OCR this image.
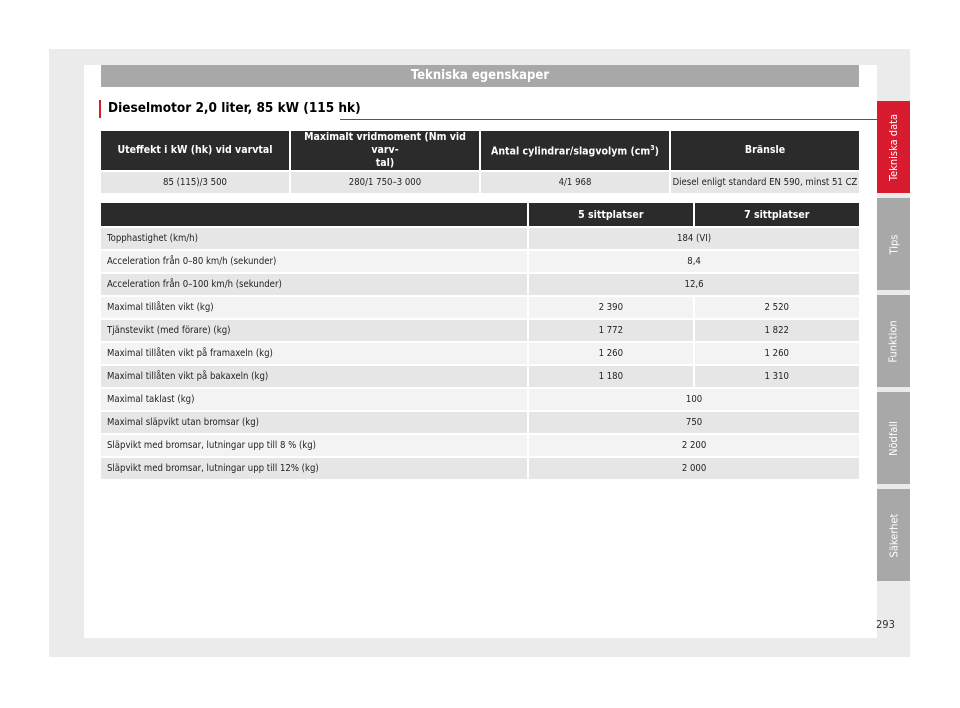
Tekniska egenskaper
Dieselmotor 2,0 liter, 85 kW (115 hk)
Uteffekt i kW (hk) vid varvtal	Maximalt vridmoment (Nm vid varv-
tal)	Antal cylindrar/slagvolym $(cm^3)$	Bränsle
85 (115)/3 500	280/1 750–3 000	4/1 968	Diesel enligt standard EN 590, minst 51 CZ
	5 sittplatser	7 sittplatser
Topphastighet (km/h)	184 (VI)	
Acceleration från 0–80 km/h (sekunder)	8,4	
Acceleration från 0–100 km/h (sekunder)	12,6	
Maximal tillåten vikt (kg)	2 390	2 520
Tjänstevikt (med förare) (kg)	1 772	1 822
Maximal tillåten vikt på framaxeln (kg)	1 260	1 260
Maximal tillåten vikt på bakaxeln (kg)	1 180	1 310
Maximal taklast (kg)	100	
Maximal släpvikt utan bromsar (kg)	750	
Släpvikt med bromsar, lutningar upp till 8 % (kg)	2 200	
Släpvikt med bromsar, lutningar upp till 12% (kg)	2 000	
Tekniska data
Tips
Funktion
Nödfall
Säkerhet
293
